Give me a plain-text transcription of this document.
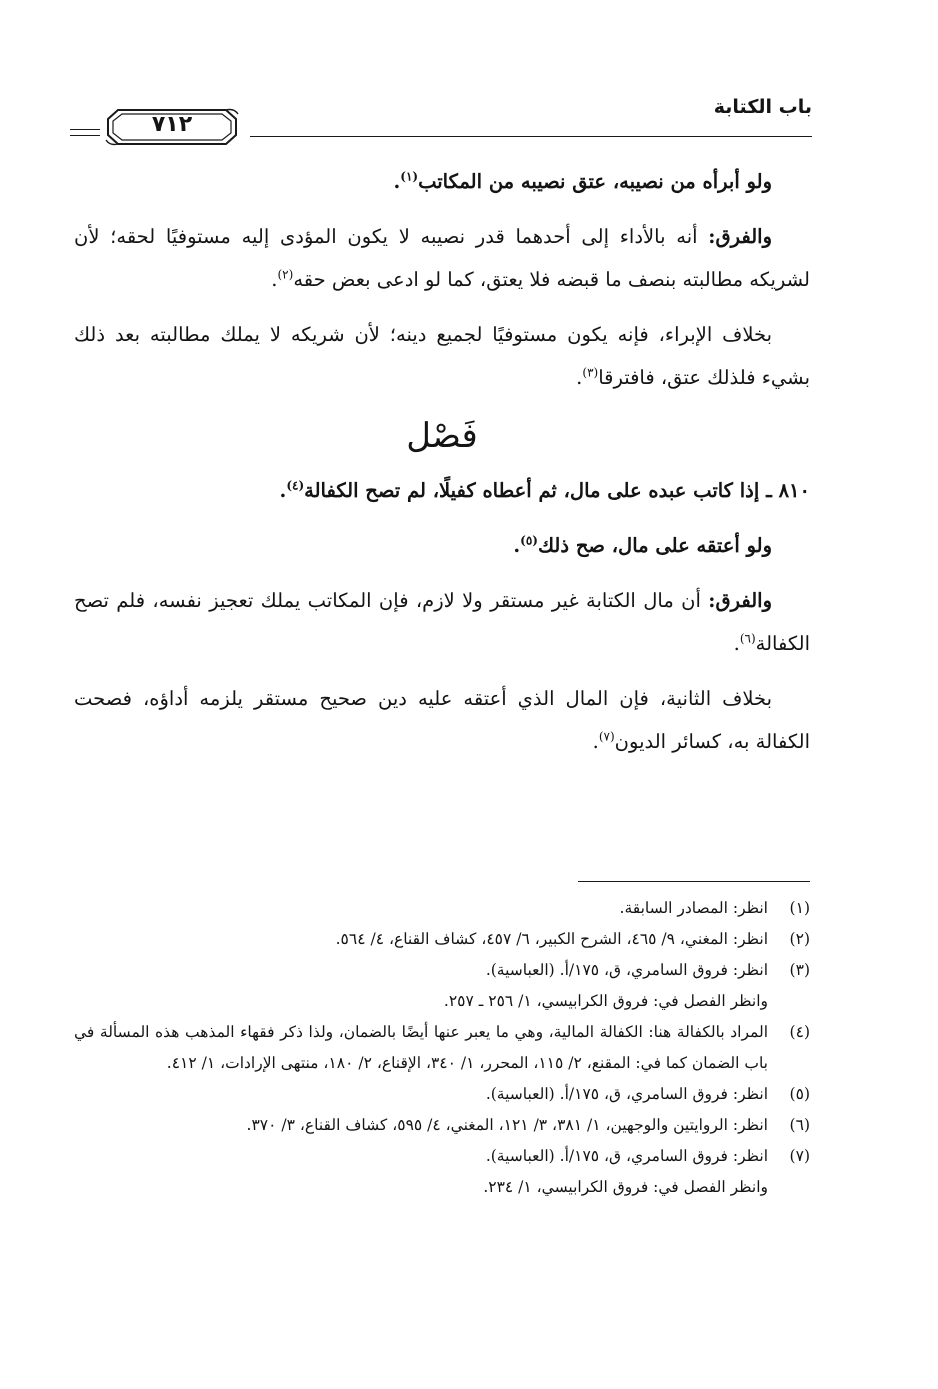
باب الكتابة
٧١٢

ولو أبرأه من نصيبه، عتق نصيبه من المكاتب$^{(١)}$.

والفرق: أنه بالأداء إلى أحدهما قدر نصيبه لا يكون المؤدى إليه مستوفيًا لحقه؛ لأن لشريكه مطالبته بنصف ما قبضه فلا يعتق، كما لو ادعى بعض حقه$^{(٢)}$.

بخلاف الإبراء، فإنه يكون مستوفيًا لجميع دينه؛ لأن شريكه لا يملك مطالبته بعد ذلك بشيء فلذلك عتق، فافترقا$^{(٣)}$.

فَصْل

٨١٠ ـ إذا كاتب عبده على مال، ثم أعطاه كفيلًا، لم تصح الكفالة$^{(٤)}$.

ولو أعتقه على مال، صح ذلك$^{(٥)}$.

والفرق: أن مال الكتابة غير مستقر ولا لازم، فإن المكاتب يملك تعجيز نفسه، فلم تصح الكفالة$^{(٦)}$.

بخلاف الثانية، فإن المال الذي أعتقه عليه دين صحيح مستقر يلزمه أداؤه، فصحت الكفالة به، كسائر الديون$^{(٧)}$.

(١)
انظر: المصادر السابقة.
(٢)
انظر: المغني، ٩/ ٤٦٥، الشرح الكبير، ٦/ ٤٥٧، كشاف القناع، ٤/ ٥٦٤.
(٣)
انظر: فروق السامري، ق، ١٧٥/أ. (العباسية).
وانظر الفصل في: فروق الكرابيسي، ١/ ٢٥٦ ـ ٢٥٧.
(٤)
المراد بالكفالة هنا: الكفالة المالية، وهي ما يعبر عنها أيضًا بالضمان، ولذا ذكر فقهاء المذهب هذه المسألة في باب الضمان كما في: المقنع، ٢/ ١١٥، المحرر، ١/ ٣٤٠، الإقناع، ٢/ ١٨٠، منتهى الإرادات، ١/ ٤١٢.
(٥)
انظر: فروق السامري، ق، ١٧٥/أ. (العباسية).
(٦)
انظر: الروايتين والوجهين، ١/ ٣٨١، ٣/ ١٢١، المغني، ٤/ ٥٩٥، كشاف القناع، ٣/ ٣٧٠.
(٧)
انظر: فروق السامري، ق، ١٧٥/أ. (العباسية).
وانظر الفصل في: فروق الكرابيسي، ١/ ٢٣٤.
